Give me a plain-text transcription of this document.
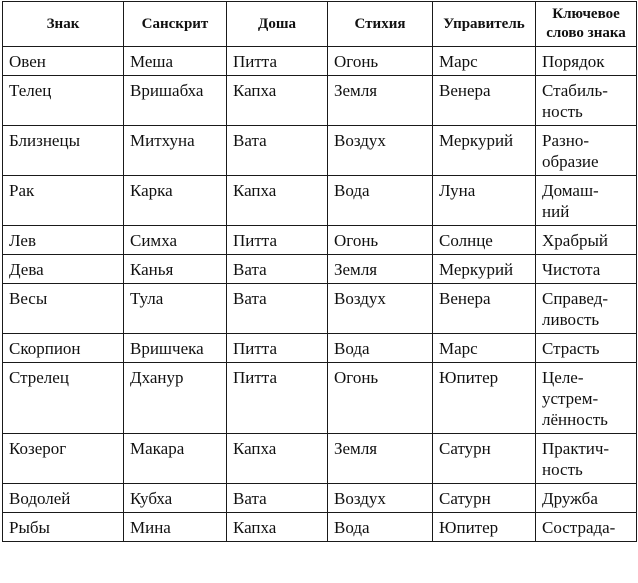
Знак	Санскрит	Доша	Стихия	Управитель	Ключевое слово знака
Овен	Меша	Питта	Огонь	Марс	Порядок

Телец	Вришабха	Капха	Земля	Венера	Стабиль-
ность

Близнецы	Митхуна	Вата	Воздух	Меркурий	Разно-
образие

Рак	Карка	Капха	Вода	Луна	Домаш-
ний

Лев	Симха	Питта	Огонь	Солнце	Храбрый

Дева	Канья	Вата	Земля	Меркурий	Чистота

Весы	Тула	Вата	Воздух	Венера	Справед-
ливость

Скорпион	Вришчека	Питта	Вода	Марс	Страсть

Стрелец	Дханур	Питта	Огонь	Юпитер	Целе-
устрем-
лённость

Козерог	Макара	Капха	Земля	Сатурн	Практич-
ность

Водолей	Кубха	Вата	Воздух	Сатурн	Дружба

Рыбы	Мина	Капха	Вода	Юпитер	Сострада-
